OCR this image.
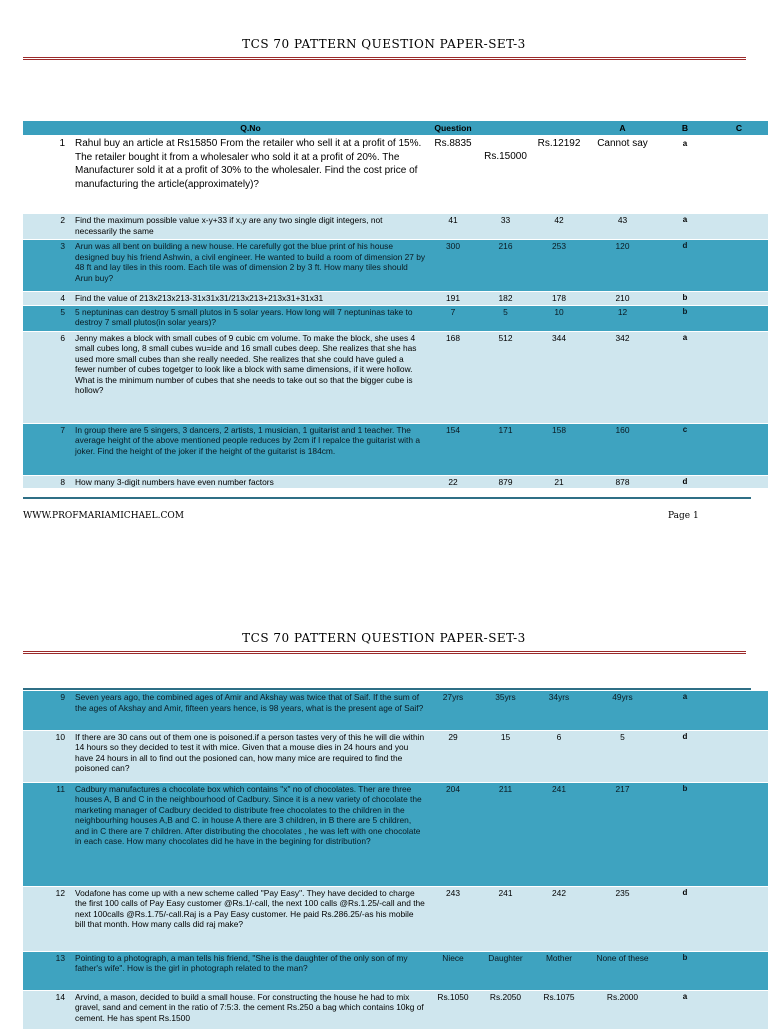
TCS 70 PATTERN QUESTION PAPER-SET-3
	Q.No	Question			A	B	C
1	Rahul buy an article at Rs15850 From the retailer who sell it at a profit of 15%. The retailer bought it from a wholesaler who sold it at a profit of 20%. The Manufacturer sold it at a profit of 30% to the wholesaler. Find the cost price of manufacturing the article(approximately)?	Rs.8835	Rs.15000	Rs.12192	Cannot say	a	
2	Find the maximum possible value x-y+33 if x,y are any two single digit integers, not necessarily the same	41	33	42	43	a	
3	Arun was all bent on building a new house. He carefully got the blue print of his house designed buy his friend Ashwin, a civil engineer. He wanted to build a room of dimension 27 by 48 ft and lay tiles in this room. Each tile was of dimension 2 by 3 ft. How many tiles should Arun buy?	300	216	253	120	d	
4	Find the value of 213x213x213-31x31x31/213x213+213x31+31x31	191	182	178	210	b	
5	5 neptuninas can destroy 5 small plutos in 5 solar years. How long will 7 neptuninas take to destroy 7 small plutos(in solar years)?	7	5	10	12	b	
6	Jenny makes a block with small cubes of 9 cubic cm volume. To make the block, she uses 4 small cubes long, 8 small cubes wu=ide and 16 small cubes deep. She realizes that she has used more small cubes than she really needed. She realizes that she could have guled a fewer number of cubes togetger to look like a block with same dimensions, if it were hollow. What is the minimum number of cubes that she needs to take out so that the bigger cube is hollow?	168	512	344	342	a	
7	In group there are 5 singers, 3 dancers, 2 artists, 1 musician, 1 guitarist and 1 teacher. The average height of the above mentioned people reduces by 2cm if I repalce the guitarist with a joker. Find the height of the joker if the height of the guitarist is 184cm.	154	171	158	160	c	
8	How many 3-digit numbers have even number factors	22	879	21	878	d	
WWW.PROFMARIAMICHAEL.COM	Page 1
TCS 70 PATTERN QUESTION PAPER-SET-3
9	Seven years ago, the combined ages of Amir and Akshay was twice that of Saif. If the sum of the ages of Akshay and Amir, fifteen years hence, is 98 years, what is the present age of Saif?	27yrs	35yrs	34yrs	49yrs	a	
10	If there are 30 cans out of them one is poisoned.if a person tastes very of this he will die within 14 hours so they decided to test it with mice. Given that a mouse dies in 24 hours and you have 24 hours in all to find out the posioned can, how many mice are required to find the poisoned can?	29	15	6	5	d	
11	Cadbury manufactures a chocolate box which contains "x" no of chocolates. Ther are three houses A, B and C in the neighbourhood of Cadbury. Since it is a new variety of chocolate the marketing manager of Cadbury decided to distribute free chocolates to the children in the neighbourhing houses A,B and C. in house A there are 3 children, in B there are 5 children, and in C there are 7 children. After distributing the chocolates , he was left with one chocolate in each case. How many chocolates did he have in the begining for distribution?	204	211	241	217	b	
12	Vodafone has come up with a new scheme called "Pay Easy". They have decided to charge the first 100 calls of Pay Easy customer @Rs.1/-call, the next 100 calls @Rs.1.25/-call and the next 100calls @Rs.1.75/-call.Raj is a Pay Easy customer. He paid Rs.286.25/-as his mobile bill that month. How many calls did raj make?	243	241	242	235	d	
13	Pointing to a photograph, a man tells his friend, "She is the daughter of the only son of my father's wife". How is the girl in photograph related to the man?	Niece	Daughter	Mother	None of these	b	
14	Arvind, a mason, decided to build a small house. For constructing the house he had to mix gravel, sand and cement in the ratio of 7:5:3. the cement Rs.250 a bag which contains 10kg of cement. He has spent Rs.1500	Rs.1050	Rs.2050	Rs.1075	Rs.2000	a	
